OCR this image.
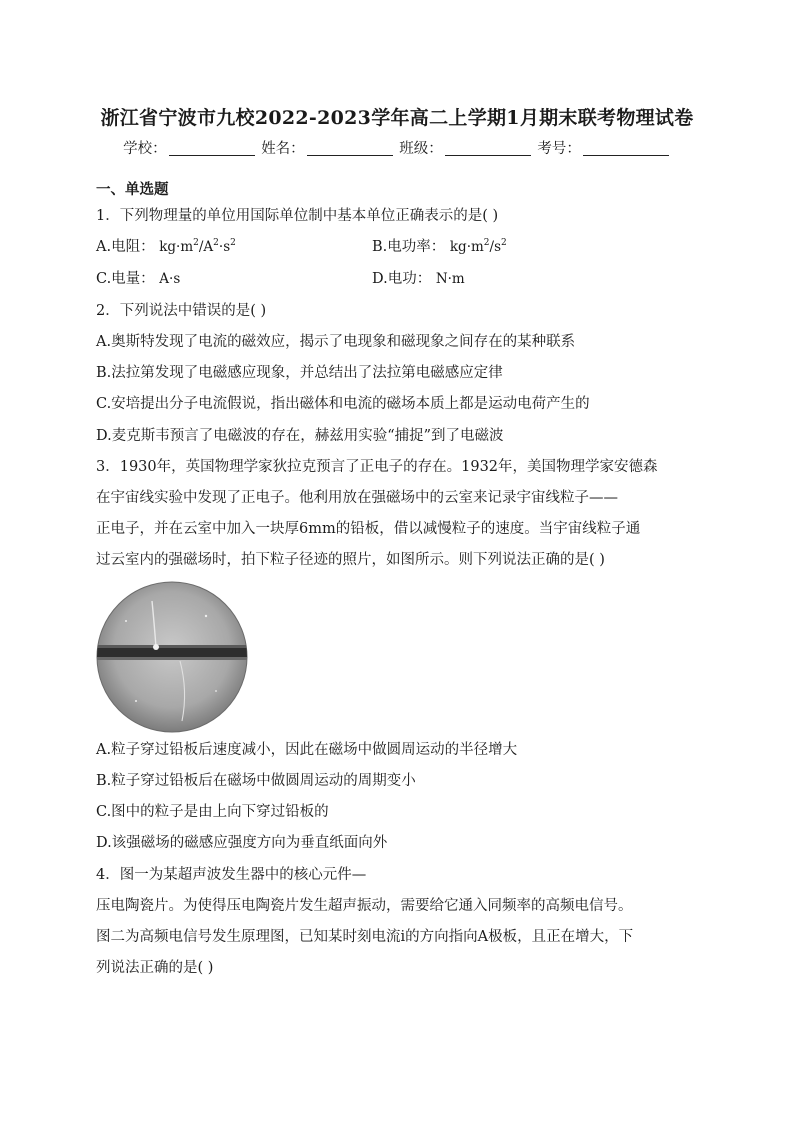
浙江省宁波市九校2022-2023学年高二上学期1月期末联考物理试卷
学校：	姓名：	班级：	考号：
一、单选题
1．下列物理量的单位用国际单位制中基本单位正确表示的是( )
A.电阻： $kg\cdot m^2/A^2\cdot s^2$	B.电功率： $kg\cdot m^2/s^2$
C.电量： A·s	D.电功： N·m
2．下列说法中错误的是( )
A.奥斯特发现了电流的磁效应，揭示了电现象和磁现象之间存在的某种联系
B.法拉第发现了电磁感应现象，并总结出了法拉第电磁感应定律
C.安培提出分子电流假说，指出磁体和电流的磁场本质上都是运动电荷产生的
D.麦克斯韦预言了电磁波的存在，赫兹用实验“捕捉”到了电磁波
3．1930年，英国物理学家狄拉克预言了正电子的存在。1932年，美国物理学家安德森
在宇宙线实验中发现了正电子。他利用放在强磁场中的云室来记录宇宙线粒子——
正电子，并在云室中加入一块厚6mm的铅板，借以减慢粒子的速度。当宇宙线粒子通
过云室内的强磁场时，拍下粒子径迹的照片，如图所示。则下列说法正确的是( )
A.粒子穿过铅板后速度减小，因此在磁场中做圆周运动的半径增大
B.粒子穿过铅板后在磁场中做圆周运动的周期变小
C.图中的粒子是由上向下穿过铅板的
D.该强磁场的磁感应强度方向为垂直纸面向外
4．图一为某超声波发生器中的核心元件—
压电陶瓷片。为使得压电陶瓷片发生超声振动，需要给它通入同频率的高频电信号。
图二为高频电信号发生原理图，已知某时刻电流i的方向指向A极板，且正在增大，下
列说法正确的是( )
